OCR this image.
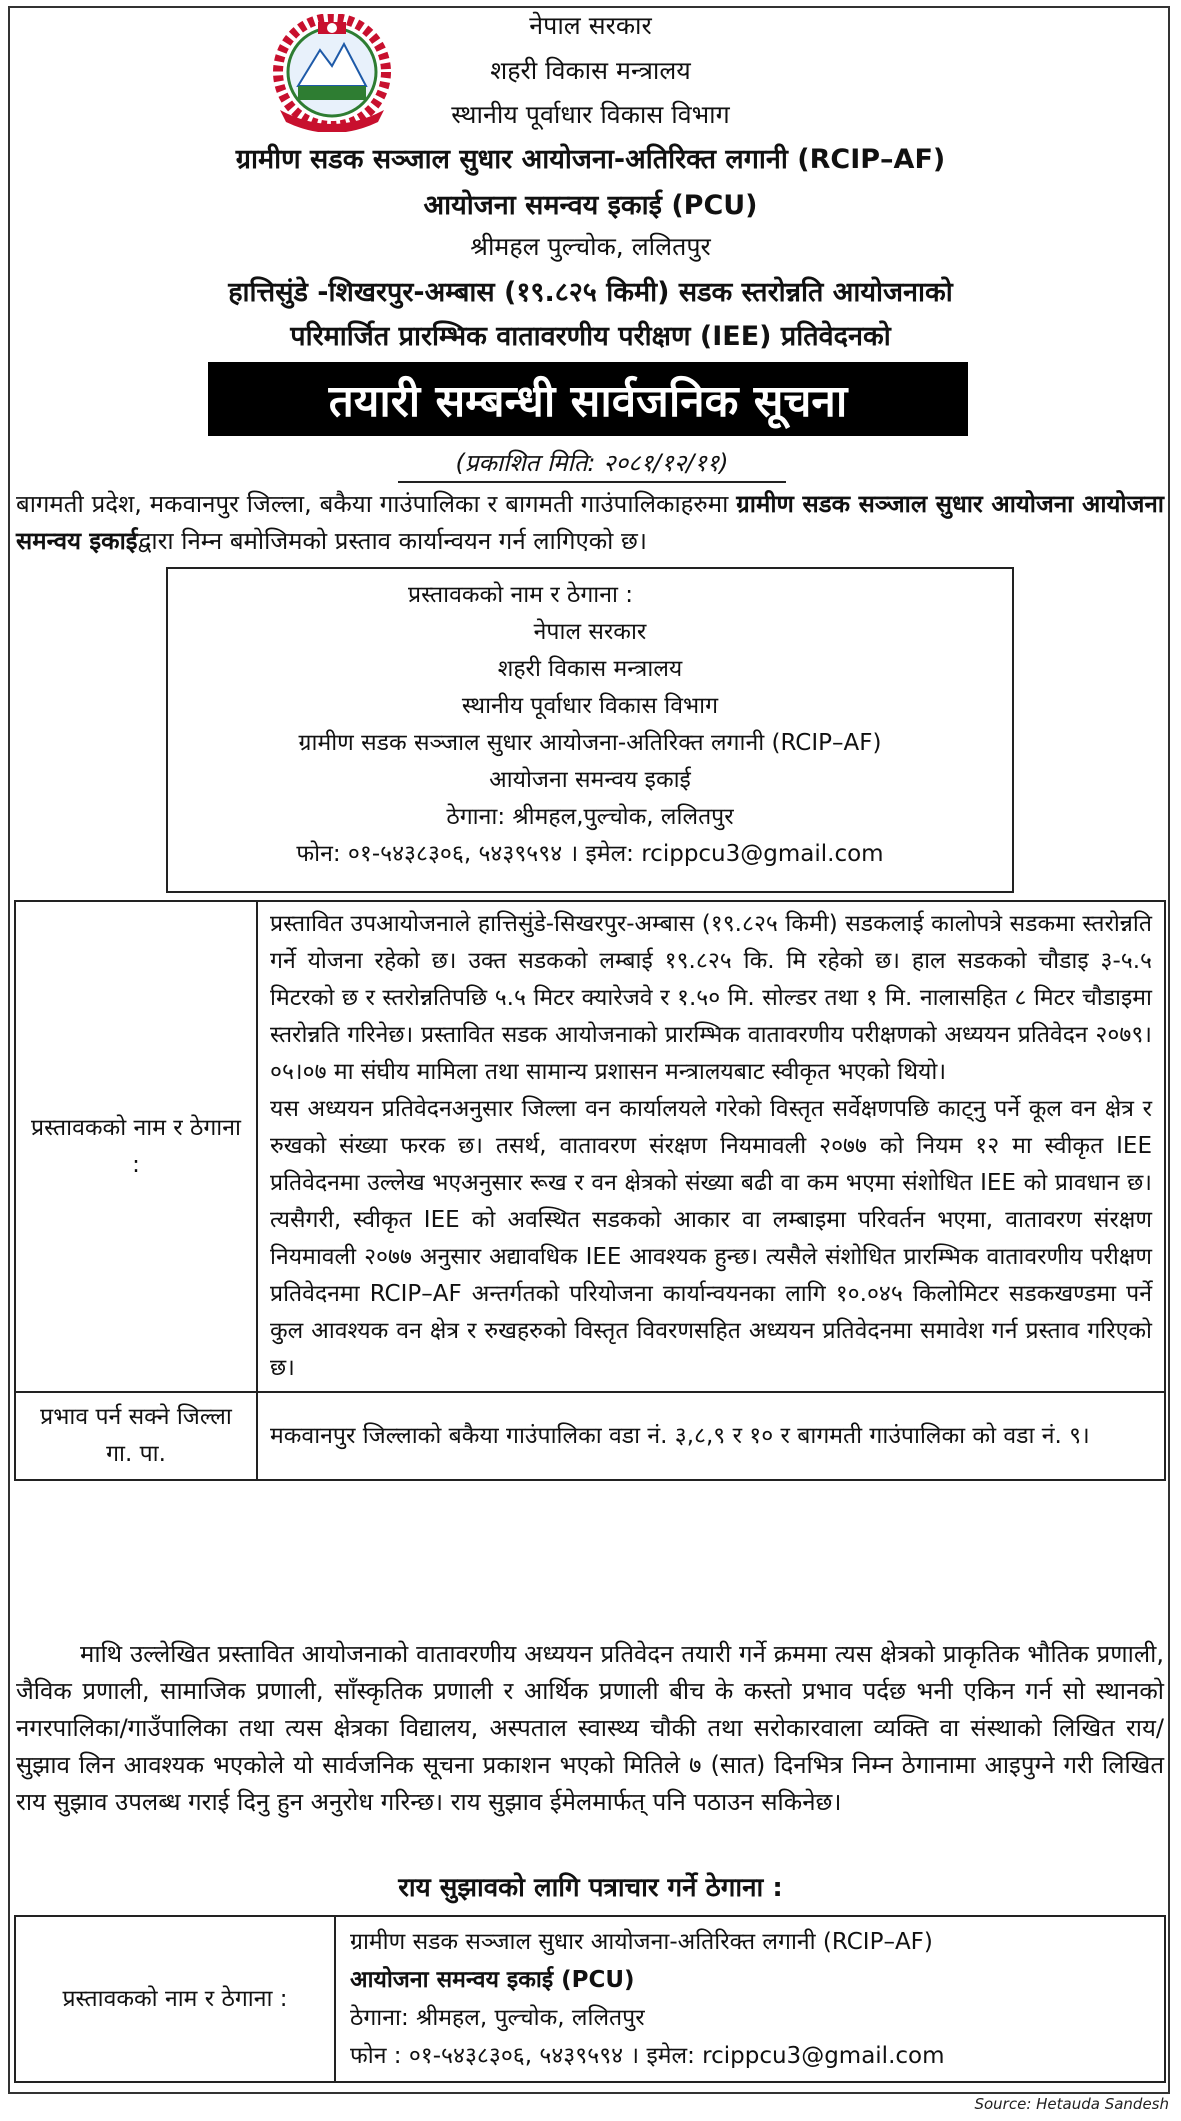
नेपाल सरकार
शहरी विकास मन्त्रालय
स्थानीय पूर्वाधार विकास विभाग
ग्रामीण सडक सञ्जाल सुधार आयोजना-अतिरिक्त लगानी (RCIP–AF)
आयोजना समन्वय इकाई (PCU)
श्रीमहल पुल्चोक, ललितपुर
हात्तिसुंडे -शिखरपुर-अम्बास (१९.८२५ किमी) सडक स्तरोन्नति आयोजनाको
परिमार्जित प्रारम्भिक वातावरणीय परीक्षण (IEE) प्रतिवेदनको
तयारी सम्बन्धी सार्वजनिक सूचना
(प्रकाशित मिति: २०८१/१२/११)
बागमती प्रदेश, मकवानपुर जिल्ला, बकैया गाउंपालिका र बागमती गाउंपालिकाहरुमा ग्रामीण सडक सञ्जाल सुधार आयोजना आयोजना समन्वय इकाईद्वारा निम्न बमोजिमको प्रस्ताव कार्यान्वयन गर्न लागिएको छ।
प्रस्तावकको नाम र ठेगाना :
नेपाल सरकार
शहरी विकास मन्त्रालय
स्थानीय पूर्वाधार विकास विभाग
ग्रामीण सडक सञ्जाल सुधार आयोजना-अतिरिक्त लगानी (RCIP–AF)
आयोजना समन्वय इकाई
ठेगाना: श्रीमहल,पुल्चोक, ललितपुर
फोन: ०१-५४३८३०६, ५४३९५९४ । इमेल: rcippcu3@gmail.com
प्रस्तावकको नाम र ठेगाना :	प्रस्तावित उपआयोजनाले हात्तिसुंडे-सिखरपुर-अम्बास (१९.८२५ किमी) सडकलाई कालोपत्रे सडकमा स्तरोन्नति गर्ने योजना रहेको छ। उक्त सडकको लम्बाई १९.८२५ कि. मि रहेको छ। हाल सडकको चौडाइ ३-५.५ मिटरको छ र स्तरोन्नतिपछि ५.५ मिटर क्यारेजवे र १.५० मि. सोल्डर तथा १ मि. नालासहित ८ मिटर चौडाइमा स्तरोन्नति गरिनेछ। प्रस्तावित सडक आयोजनाको प्रारम्भिक वातावरणीय परीक्षणको अध्ययन प्रतिवेदन २०७९।०५।०७ मा संघीय मामिला तथा सामान्य प्रशासन मन्त्रालयबाट स्वीकृत भएको थियो।

यस अध्ययन प्रतिवेदनअनुसार जिल्ला वन कार्यालयले गरेको विस्तृत सर्वेक्षणपछि काट्नु पर्ने कूल वन क्षेत्र र रुखको संख्या फरक छ। तसर्थ, वातावरण संरक्षण नियमावली २०७७ को नियम १२ मा स्वीकृत IEE प्रतिवेदनमा उल्लेख भएअनुसार रूख र वन क्षेत्रको संख्या बढी वा कम भएमा संशोधित IEE को प्रावधान छ। त्यसैगरी, स्वीकृत IEE को अवस्थित सडकको आकार वा लम्बाइमा परिवर्तन भएमा, वातावरण संरक्षण नियमावली २०७७ अनुसार अद्यावधिक IEE आवश्यक हुन्छ। त्यसैले संशोधित प्रारम्भिक वातावरणीय परीक्षण प्रतिवेदनमा RCIP–AF अन्तर्गतको परियोजना कार्यान्वयनका लागि १०.०४५ किलोमिटर सडकखण्डमा पर्ने कुल आवश्यक वन क्षेत्र र रुखहरुको विस्तृत विवरणसहित अध्ययन प्रतिवेदनमा समावेश गर्न प्रस्ताव गरिएको छ।

प्रभाव पर्न सक्ने जिल्ला गा. पा.	मकवानपुर जिल्लाको बकैया गाउंपालिका वडा नं. ३,८,९ र १० र बागमती गाउंपालिका को वडा नं. ९।
माथि उल्लेखित प्रस्तावित आयोजनाको वातावरणीय अध्ययन प्रतिवेदन तयारी गर्ने क्रममा त्यस क्षेत्रको प्राकृतिक भौतिक प्रणाली, जैविक प्रणाली, सामाजिक प्रणाली, साँस्कृतिक प्रणाली र आर्थिक प्रणाली बीच के कस्तो प्रभाव पर्दछ भनी एकिन गर्न सो स्थानको नगरपालिका/गाउँपालिका तथा त्यस क्षेत्रका विद्यालय, अस्पताल स्वास्थ्य चौकी तथा सरोकारवाला व्यक्ति वा संस्थाको लिखित राय/सुझाव लिन आवश्यक भएकोले यो सार्वजनिक सूचना प्रकाशन भएको मितिले ७ (सात) दिनभित्र निम्न ठेगानामा आइपुग्ने गरी लिखित राय सुझाव उपलब्ध गराई दिनु हुन अनुरोध गरिन्छ। राय सुझाव ईमेलमार्फत् पनि पठाउन सकिनेछ।
राय सुझावको लागि पत्राचार गर्ने ठेगाना :
प्रस्तावकको नाम र ठेगाना :	
ग्रामीण सडक सञ्जाल सुधार आयोजना-अतिरिक्त लगानी (RCIP–AF)
आयोजना समन्वय इकाई (PCU)
ठेगाना: श्रीमहल, पुल्चोक, ललितपुर
फोन : ०१-५४३८३०६, ५४३९५९४ । इमेल: rcippcu3@gmail.com
Source: Hetauda Sandesh
